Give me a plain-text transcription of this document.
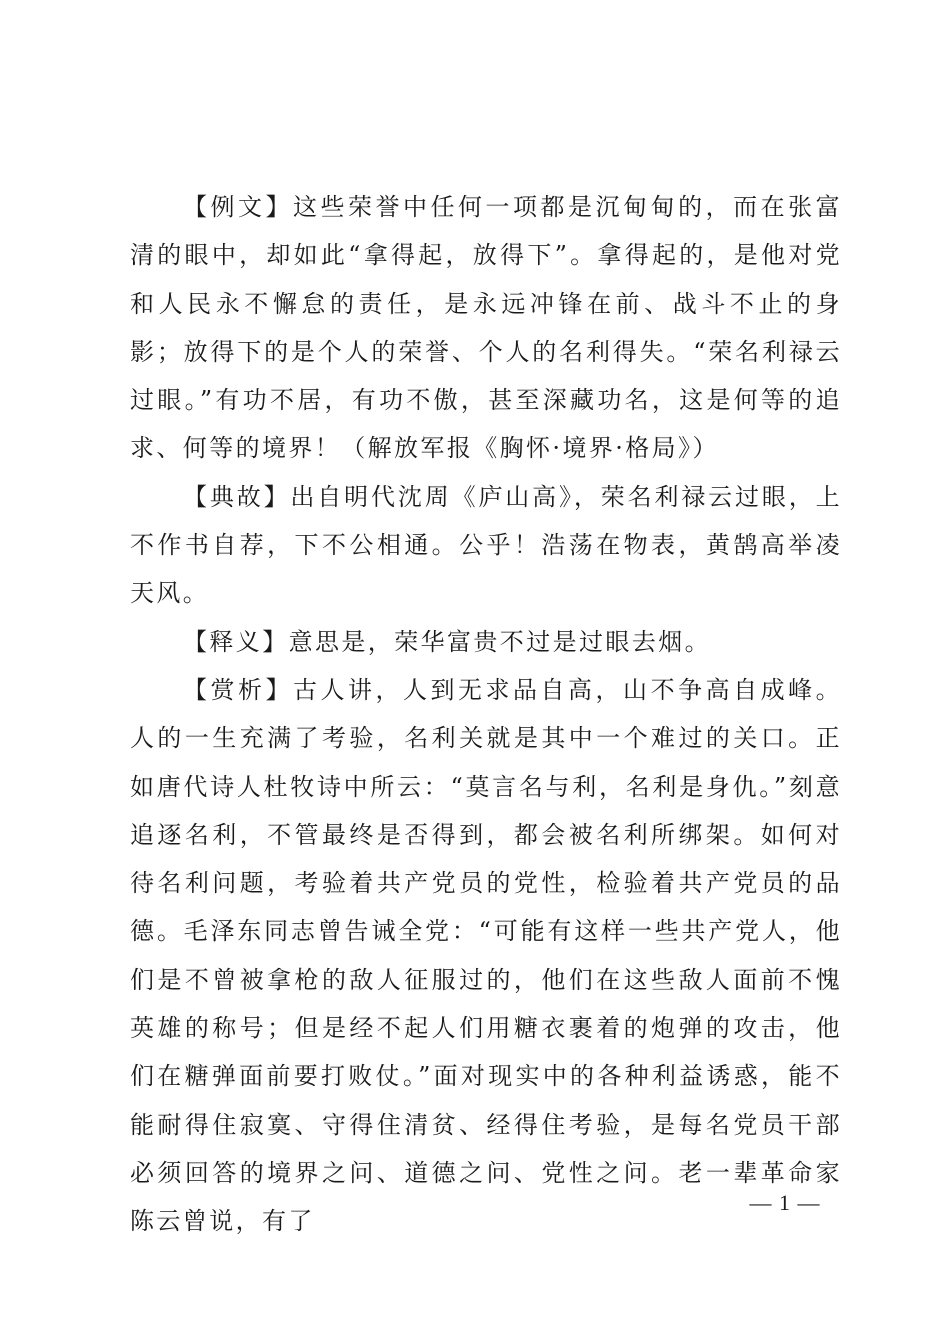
【例文】这些荣誉中任何一项都是沉甸甸的，而在张富清的眼中，却如此“拿得起，放得下”。拿得起的，是他对党和人民永不懈怠的责任，是永远冲锋在前、战斗不止的身影；放得下的是个人的荣誉、个人的名利得失。“荣名利禄云过眼。”有功不居，有功不傲，甚至深藏功名，这是何等的追求、何等的境界！（解放军报《胸怀·境界·格局》）

【典故】出自明代沈周《庐山高》，荣名利禄云过眼，上不作书自荐，下不公相通。公乎！浩荡在物表，黄鹄高举凌天风。

【释义】意思是，荣华富贵不过是过眼去烟。

【赏析】古人讲，人到无求品自高，山不争高自成峰。人的一生充满了考验，名利关就是其中一个难过的关口。正如唐代诗人杜牧诗中所云：“莫言名与利，名利是身仇。”刻意追逐名利，不管最终是否得到，都会被名利所绑架。如何对待名利问题，考验着共产党员的党性，检验着共产党员的品德。毛泽东同志曾告诫全党：“可能有这样一些共产党人，他们是不曾被拿枪的敌人征服过的，他们在这些敌人面前不愧英雄的称号；但是经不起人们用糖衣裹着的炮弹的攻击，他们在糖弹面前要打败仗。”面对现实中的各种利益诱惑，能不能耐得住寂寞、守得住清贫、经得住考验，是每名党员干部必须回答的境界之问、道德之问、党性之问。老一辈革命家陈云曾说，有了

— 1 —
